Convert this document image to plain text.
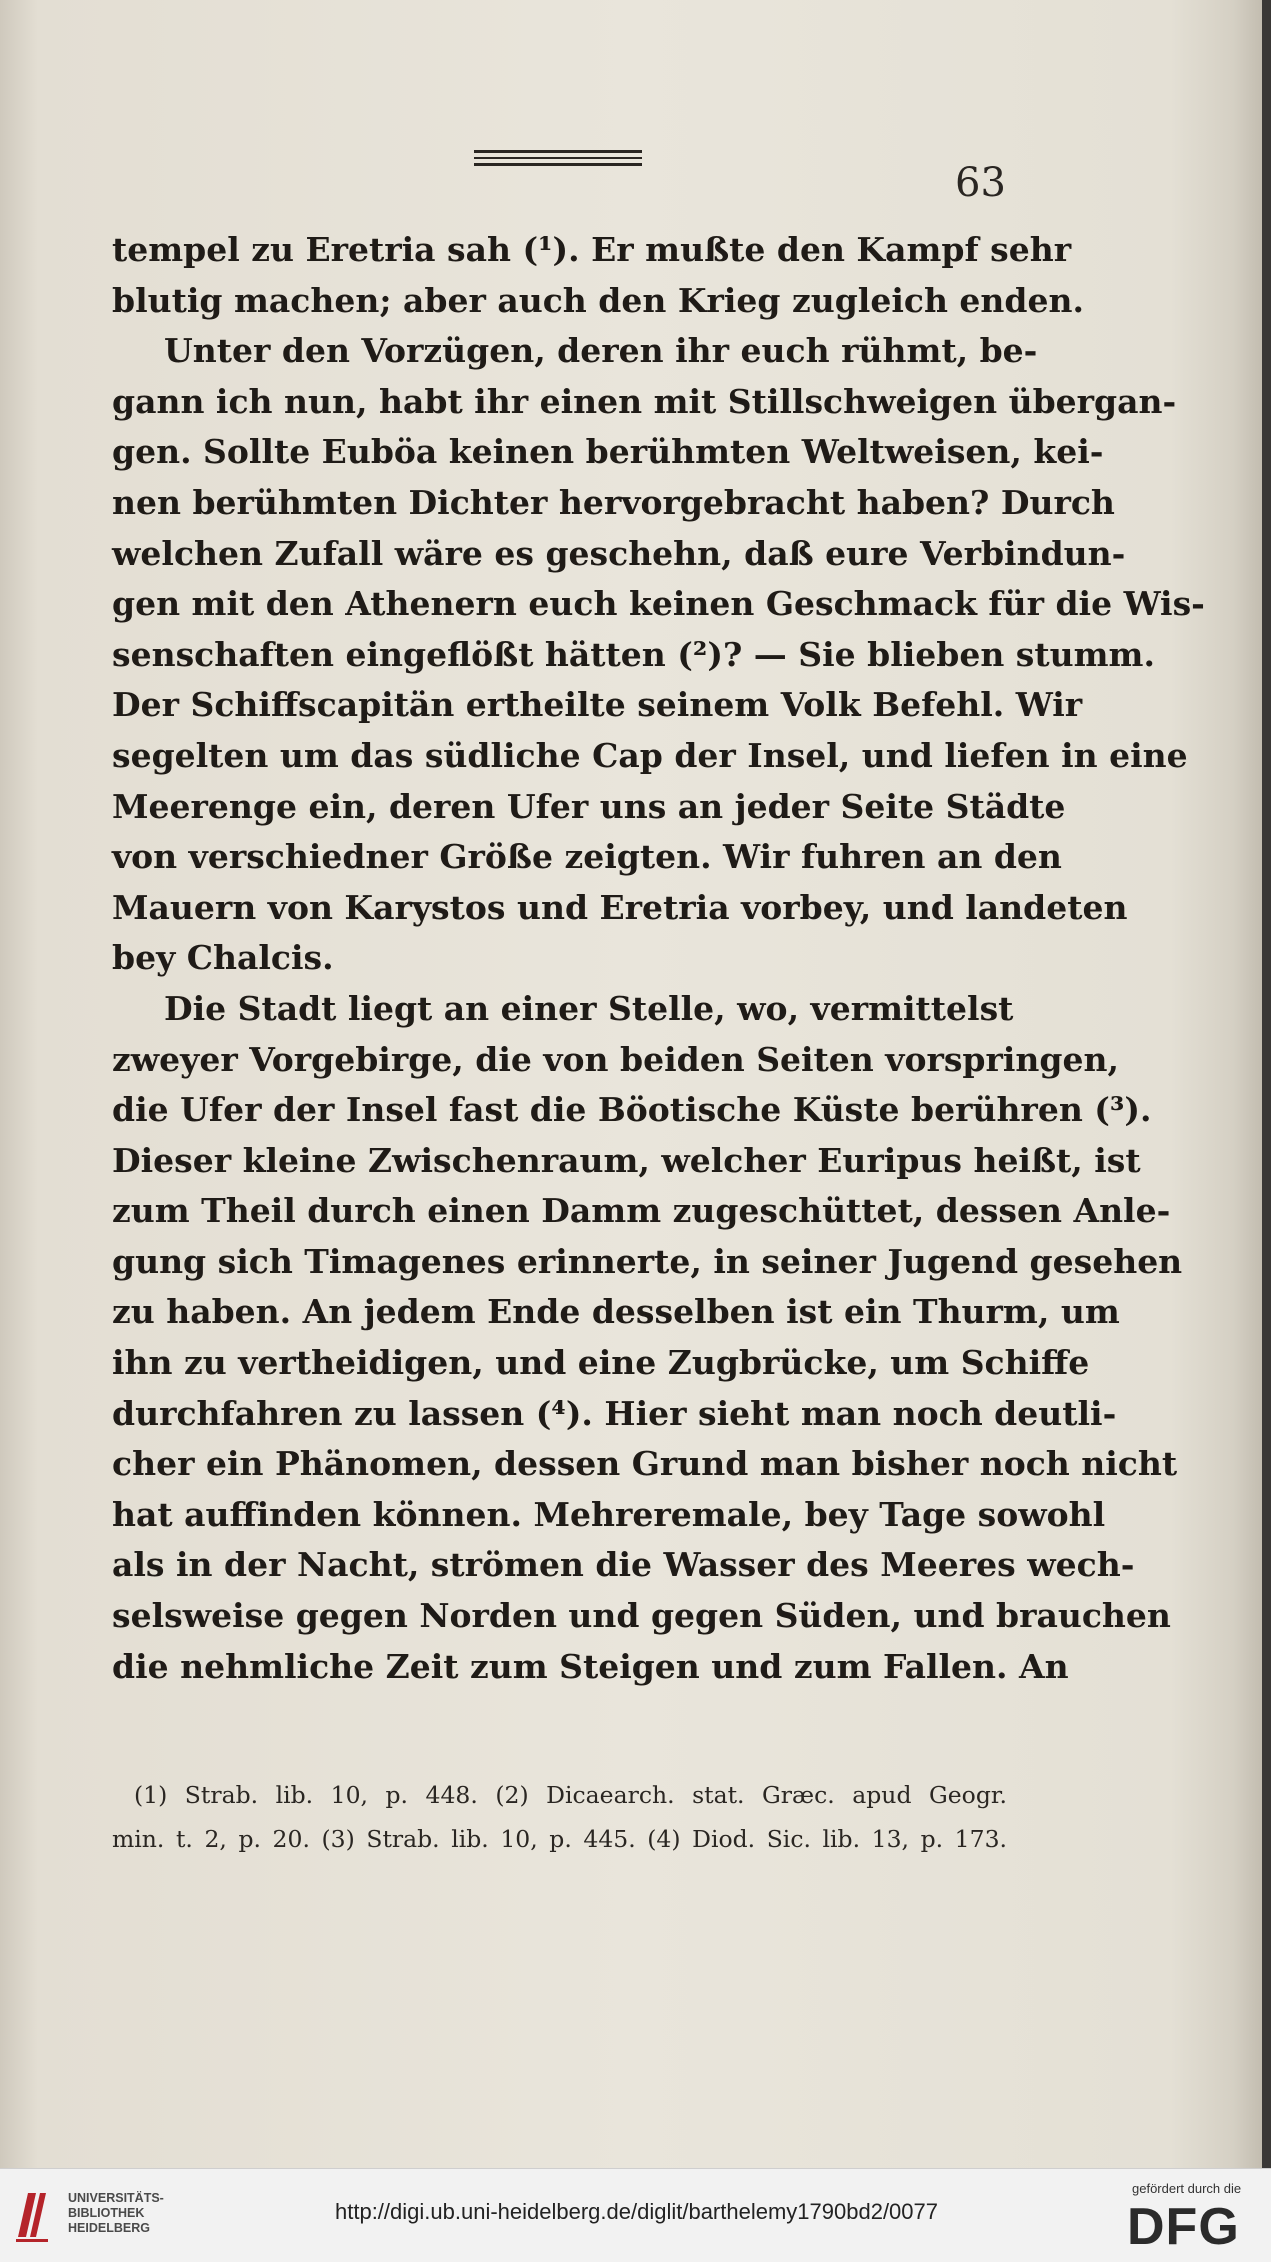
63
tempel zu Eretria sah (¹). Er mußte den Kampf sehr
blutig machen; aber auch den Krieg zugleich enden.
Unter den Vorzügen, deren ihr euch rühmt, be-
gann ich nun, habt ihr einen mit Stillschweigen übergan-
gen. Sollte Euböa keinen berühmten Weltweisen, kei-
nen berühmten Dichter hervorgebracht haben? Durch
welchen Zufall wäre es geschehn, daß eure Verbindun-
gen mit den Athenern euch keinen Geschmack für die Wis-
senschaften eingeflößt hätten (²)? — Sie blieben stumm.
Der Schiffscapitän ertheilte seinem Volk Befehl. Wir
segelten um das südliche Cap der Insel, und liefen in eine
Meerenge ein, deren Ufer uns an jeder Seite Städte
von verschiedner Größe zeigten. Wir fuhren an den
Mauern von Karystos und Eretria vorbey, und landeten
bey Chalcis.
Die Stadt liegt an einer Stelle, wo, vermittelst
zweyer Vorgebirge, die von beiden Seiten vorspringen,
die Ufer der Insel fast die Böotische Küste berühren (³).
Dieser kleine Zwischenraum, welcher Euripus heißt, ist
zum Theil durch einen Damm zugeschüttet, dessen Anle-
gung sich Timagenes erinnerte, in seiner Jugend gesehen
zu haben. An jedem Ende desselben ist ein Thurm, um
ihn zu vertheidigen, und eine Zugbrücke, um Schiffe
durchfahren zu lassen (⁴). Hier sieht man noch deutli-
cher ein Phänomen, dessen Grund man bisher noch nicht
hat auffinden können. Mehreremale, bey Tage sowohl
als in der Nacht, strömen die Wasser des Meeres wech-
selsweise gegen Norden und gegen Süden, und brauchen
die nehmliche Zeit zum Steigen und zum Fallen. An
(1) Strab. lib. 10, p. 448. (2) Dicaearch. stat. Græc. apud Geogr.
min. t. 2, p. 20. (3) Strab. lib. 10, p. 445. (4) Diod. Sic. lib. 13, p. 173.
UNIVERSITÄTS-
BIBLIOTHEK
HEIDELBERG
http://digi.ub.uni-heidelberg.de/diglit/barthelemy1790bd2/0077
gefördert durch die
DFG
